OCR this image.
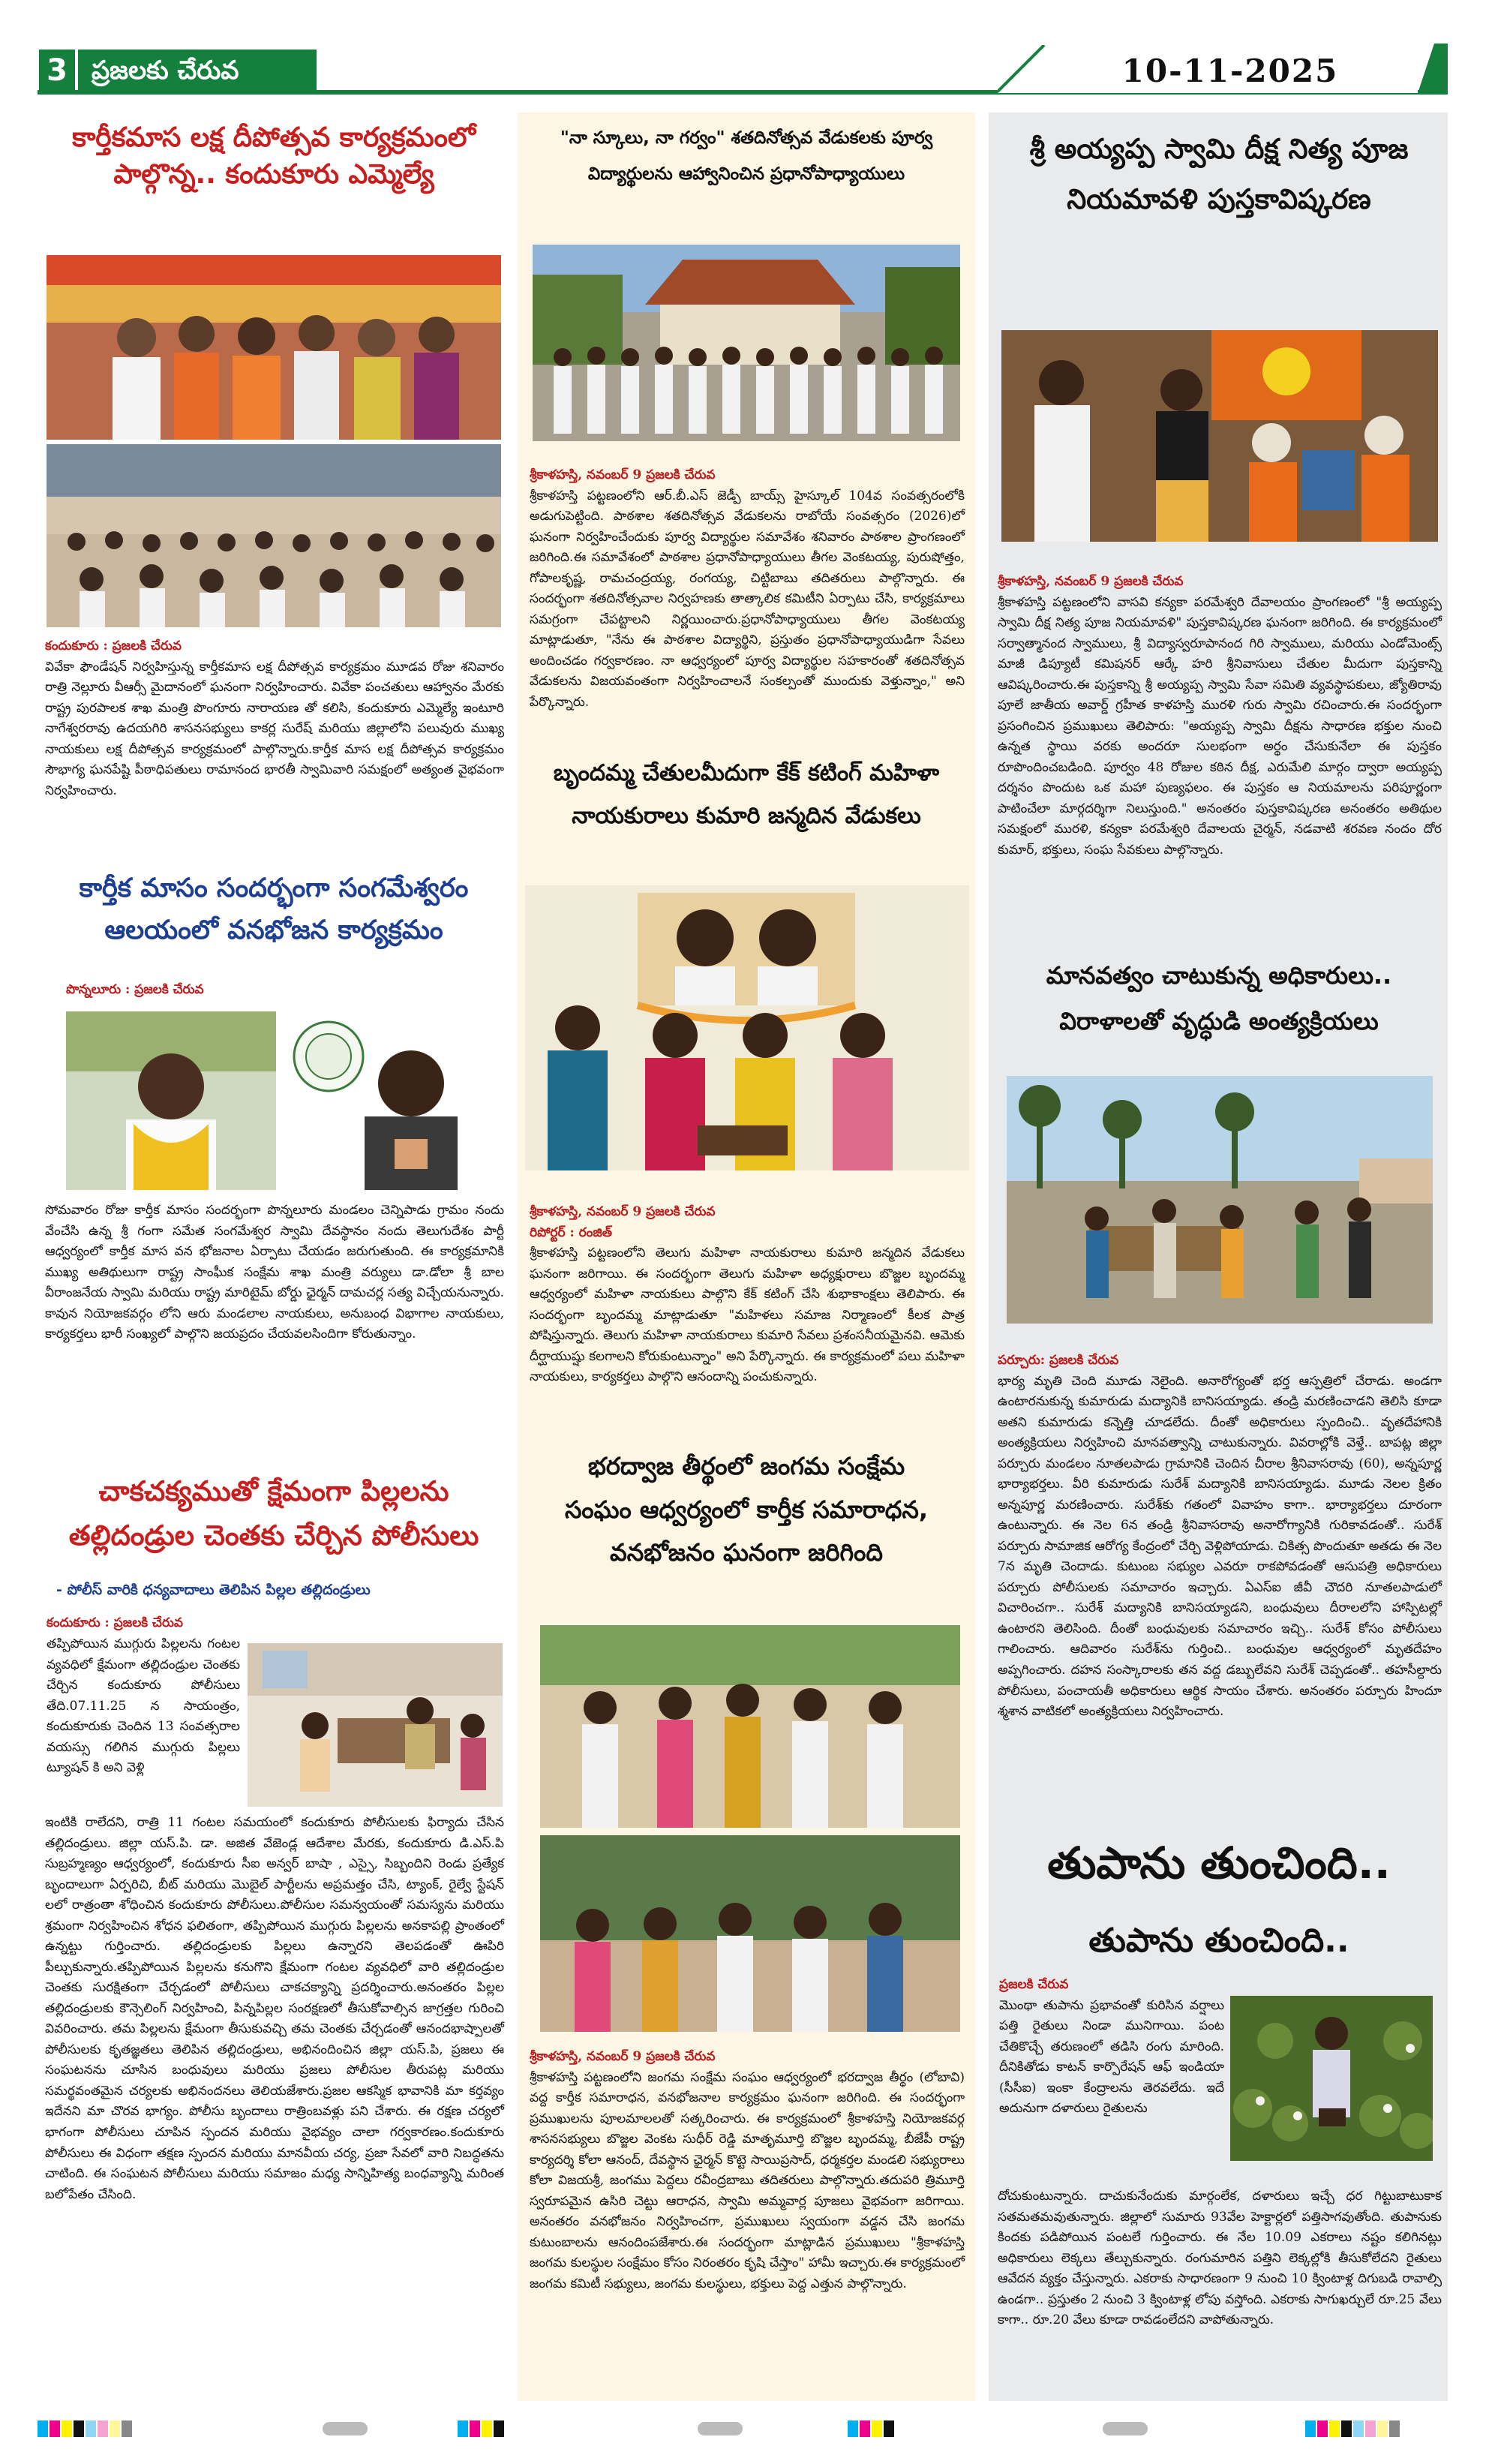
3 ప్రజలకు చేరువ	10-11-2025
కార్తీకమాస లక్ష దీపోత్సవ కార్యక్రమంలో
పాల్గొన్న.. కందుకూరు ఎమ్మెల్యే
కందుకూరు : ప్రజలకి చేరువ
వివేకా ఫౌండేషన్ నిర్వహిస్తున్న కార్తీకమాస లక్ష దీపోత్సవ కార్యక్రమం మూడవ రోజు శనివారం రాత్రి నెల్లూరు వీఆర్సీ మైదానంలో ఘనంగా నిర్వహించారు. వివేకా పంచతులు ఆహ్వానం మేరకు రాష్ట్ర పురపాలక శాఖ మంత్రి పొంగూరు నారాయణ తో కలిసి, కందుకూరు ఎమ్మెల్యే ఇంటూరి నాగేశ్వరరావు ఉదయగిరి శాసనసభ్యులు కాకర్ల సురేష్ మరియు జిల్లాలోని పలువురు ముఖ్య నాయకులు లక్ష దీపోత్సవ కార్యక్రమంలో పాల్గొన్నారు.కార్తీక మాస లక్ష దీపోత్సవ కార్యక్రమం సౌభాగ్య ఘనపేష్టి పీఠాధిపతులు రామానంద భారతీ స్వామివారి సమక్షంలో అత్యంత వైభవంగా నిర్వహించారు.
కార్తీక మాసం సందర్భంగా సంగమేశ్వరం
ఆలయంలో వనభోజన కార్యక్రమం
పొన్నలూరు : ప్రజలకి చేరువ
సోమవారం రోజు కార్తీక మాసం సందర్భంగా పొన్నలూరు మండలం చెన్నిపాడు గ్రామం నందు వేంచేసి ఉన్న శ్రీ గంగా సమేత సంగమేశ్వర స్వామి దేవస్థానం నందు తెలుగుదేశం పార్టీ ఆధ్వర్యంలో కార్తీక మాస వన భోజనాల ఏర్పాటు చేయడం జరుగుతుంది. ఈ కార్యక్రమానికి ముఖ్య అతిథులుగా రాష్ట్ర సాంఘీక సంక్షేమ శాఖ మంత్రి వర్యులు డా.డోలా శ్రీ బాల వీరాంజనేయ స్వామి మరియు రాష్ట్ర మారిటైమ్ బోర్డు ఛైర్మన్ దామచర్ల సత్య విచ్చేయనున్నారు. కావున నియోజకవర్గం లోని ఆరు మండలాల నాయకులు, అనుబంధ విభాగాల నాయకులు, కార్యకర్తలు భారీ సంఖ్యలో పాల్గొని జయప్రదం చేయవలసిందిగా కోరుతున్నాం.
చాకచక్యముతో క్షేమంగా పిల్లలను
తల్లిదండ్రుల చెంతకు చేర్చిన పోలీసులు
- పోలీస్ వారికి ధన్యవాదాలు తెలిపిన పిల్లల తల్లిదండ్రులు
కందుకూరు : ప్రజలకి చేరువ
తప్పిపోయిన ముగ్గురు పిల్లలను గంటల వ్యవధిలో క్షేమంగా తల్లిదండ్రుల చెంతకు చేర్చిన కందుకూరు పోలీసులు తేది.07.11.25 న సాయంత్రం, కందుకూరుకు చెందిన 13 సంవత్సరాల వయస్సు గలిగిన ముగ్గురు పిల్లలు ట్యూషన్ కి అని వెళ్లి
ఇంటికి రాలేదని, రాత్రి 11 గంటల సమయంలో కందుకూరు పోలీసులకు ఫిర్యాదు చేసిన తల్లిదండ్రులు. జిల్లా యస్.పి. డా. అజిత వేజెండ్ల ఆదేశాల మేరకు, కందుకూరు డి.ఎస్.పి సుబ్రహ్మణ్యం ఆధ్వర్యంలో, కందుకూరు సీఐ అన్వర్ బాషా , ఎస్సై, సిబ్బందిని రెండు ప్రత్యేక బృందాలుగా ఏర్పరిచి, బీట్ మరియు మొబైల్ పార్టీలను అప్రమత్తం చేసి, ట్యాంక్, రైల్వే స్టేషన్ లలో రాత్రంతా శోధించిన కందుకూరు పోలీసులు.పోలీసుల సమన్వయంతో సమస్యను మరియు శ్రమంగా నిర్వహించిన శోధన ఫలితంగా, తప్పిపోయిన ముగ్గురు పిల్లలను అనకాపల్లి ప్రాంతంలో ఉన్నట్టు గుర్తించారు. తల్లిదండ్రులకు పిల్లలు ఉన్నారని తెలపడంతో ఊపిరి పీల్చుకున్నారు.తప్పిపోయిన పిల్లలను కనుగొని క్షేమంగా గంటల వ్యవధిలో వారి తల్లిదండ్రుల చెంతకు సురక్షితంగా చేర్చడంలో పోలీసులు చాకచక్యాన్ని ప్రదర్శించారు.అనంతరం పిల్లల తల్లిదండ్రులకు కౌన్సెలింగ్ నిర్వహించి, పిన్నపిల్లల సంరక్షణలో తీసుకోవాల్సిన జాగ్రత్తల గురించి వివరించారు. తమ పిల్లలను క్షేమంగా తీసుకువచ్చి తమ చెంతకు చేర్చడంతో ఆనందభాష్పాలతో పోలీసులకు కృతజ్ఞతలు తెలిపిన తల్లిదండ్రులు, అభినందించిన జిల్లా యస్.పి, ప్రజలు ఈ సంఘటనను చూసిన బంధువులు మరియు ప్రజలు పోలీసుల తీరుపట్ల మరియు సమర్థవంతమైన చర్యలకు అభినందనలు తెలియజేశారు.ప్రజల ఆకస్మిక భావానికి మా కర్తవ్యం ఇదేనని మా చొరవ భాగ్యం. పోలీసు బృందాలు రాత్రింబవళ్లు పని చేశారు. ఈ రక్షణ చర్యలో భాగంగా పోలీసులు చూపిన స్పందన మరియు వైభవ్యం చాలా గర్వకారణం.కందుకూరు పోలీసులు ఈ విధంగా తక్షణ స్పందన మరియు మానవీయ చర్య, ప్రజా సేవలో వారి నిబద్ధతను చాటింది. ఈ సంఘటన పోలీసులు మరియు సమాజం మధ్య సాన్నిహిత్య బంధవ్యాన్ని మరింత బలోపేతం చేసింది.
"నా స్కూలు, నా గర్వం" శతదినోత్సవ వేడుకలకు పూర్వ
విద్యార్థులను ఆహ్వానించిన ప్రధానోపాధ్యాయులు
శ్రీకాళహస్తి, నవంబర్ 9 ప్రజలకి చేరువ
శ్రీకాళహస్తి పట్టణంలోని ఆర్.బీ.ఎస్ జెడ్పీ బాయ్స్ హైస్కూల్ 104వ సంవత్సరంలోకి అడుగుపెట్టింది. పాఠశాల శతదినోత్సవ వేడుకలను రాబోయే సంవత్సరం (2026)లో ఘనంగా నిర్వహించేందుకు పూర్వ విద్యార్థుల సమావేశం శనివారం పాఠశాల ప్రాంగణంలో జరిగింది.ఈ సమావేశంలో పాఠశాల ప్రధానోపాధ్యాయులు తీగల వెంకటయ్య, పురుషోత్తం, గోపాలకృష్ణ, రామచంద్రయ్య, రంగయ్య, చిట్టిబాబు తదితరులు పాల్గొన్నారు. ఈ సందర్భంగా శతదినోత్సవాల నిర్వహణకు తాత్కాలిక కమిటీని ఏర్పాటు చేసి, కార్యక్రమాలు సమగ్రంగా చేపట్టాలని నిర్ణయించారు.ప్రధానోపాధ్యాయులు తీగల వెంకటయ్య మాట్లాడుతూ, "నేను ఈ పాఠశాల విద్యార్థిని, ప్రస్తుతం ప్రధానోపాధ్యాయుడిగా సేవలు అందించడం గర్వకారణం. నా ఆధ్వర్యంలో పూర్వ విద్యార్థుల సహకారంతో శతదినోత్సవ వేడుకలను విజయవంతంగా నిర్వహించాలనే సంకల్పంతో ముందుకు వెళ్తున్నాం," అని పేర్కొన్నారు.
బృందమ్మ చేతులమీదుగా కేక్ కటింగ్ మహిళా
నాయకురాలు కుమారి జన్మదిన వేడుకలు
శ్రీకాళహస్తి, నవంబర్ 9 ప్రజలకి చేరువ
రిపోర్టర్ : రంజిత్
శ్రీకాళహస్తి పట్టణంలోని తెలుగు మహిళా నాయకురాలు కుమారి జన్మదిన వేడుకలు ఘనంగా జరిగాయి. ఈ సందర్భంగా తెలుగు మహిళా అధ్యక్షురాలు బొజ్జల బృందమ్మ ఆధ్వర్యంలో మహిళా నాయకులు పాల్గొని కేక్ కటింగ్ చేసి శుభాకాంక్షలు తెలిపారు. ఈ సందర్భంగా బృందమ్మ మాట్లాడుతూ "మహిళలు సమాజ నిర్మాణంలో కీలక పాత్ర పోషిస్తున్నారు. తెలుగు మహిళా నాయకురాలు కుమారి సేవలు ప్రశంసనీయమైనవి. ఆమెకు దీర్ఘాయుష్షు కలగాలని కోరుకుంటున్నాం" అని పేర్కొన్నారు. ఈ కార్యక్రమంలో పలు మహిళా నాయకులు, కార్యకర్తలు పాల్గొని ఆనందాన్ని పంచుకున్నారు.
భరద్వాజ తీర్థంలో జంగమ సంక్షేమ
సంఘం ఆధ్వర్యంలో కార్తీక సమారాధన,
వనభోజనం ఘనంగా జరిగింది
శ్రీకాళహస్తి, నవంబర్ 9 ప్రజలకి చేరువ
శ్రీకాళహస్తి పట్టణంలోని జంగమ సంక్షేమ సంఘం ఆధ్వర్యంలో భరద్వాజ తీర్థం (లోబావి) వద్ద కార్తీక సమారాధన, వనభోజనాల కార్యక్రమం ఘనంగా జరిగింది. ఈ సందర్భంగా ప్రముఖులను పూలమాలలతో సత్కరించారు. ఈ కార్యక్రమంలో శ్రీకాళహస్తి నియోజకవర్గ శాసనసభ్యులు బొజ్జల వెంకట సుధీర్ రెడ్డి మాతృమూర్తి బొజ్జల బృందమ్మ, బీజేపీ రాష్ట్ర కార్యదర్శి కోలా ఆనంద్, దేవస్థాన ఛైర్మన్ కొట్టె సాయిప్రసాద్, ధర్మకర్తల మండలి సభ్యురాలు కోలా విజయశ్రీ, జంగము పెద్దలు రవీంద్రబాబు తదితరులు పాల్గొన్నారు.తదుపరి త్రిమూర్తి స్వరూపమైన ఉసిరి చెట్టు ఆరాధన, స్వామి అమ్మవార్ల పూజలు వైభవంగా జరిగాయి. అనంతరం వనభోజనం నిర్వహించగా, ప్రముఖులు స్వయంగా వడ్డన చేసి జంగమ కుటుంబాలను ఆనందింపజేశారు.ఈ సందర్భంగా మాట్లాడిన ప్రముఖులు "శ్రీకాళహస్తి జంగమ కులస్థుల సంక్షేమం కోసం నిరంతరం కృషి చేస్తాం" హామీ ఇచ్చారు.ఈ కార్యక్రమంలో జంగమ కమిటీ సభ్యులు, జంగమ కులస్థులు, భక్తులు పెద్ద ఎత్తున పాల్గొన్నారు.
శ్రీ అయ్యప్ప స్వామి దీక్ష నిత్య పూజ
నియమావళి పుస్తకావిష్కరణ
శ్రీకాళహస్తి, నవంబర్ 9 ప్రజలకి చేరువ
శ్రీకాళహస్తి పట్టణంలోని వాసవి కన్యకా పరమేశ్వరి దేవాలయం ప్రాంగణంలో "శ్రీ అయ్యప్ప స్వామి దీక్ష నిత్య పూజ నియమావళి" పుస్తకావిష్కరణ ఘనంగా జరిగింది. ఈ కార్యక్రమంలో సర్వాత్మానంద స్వాములు, శ్రీ విద్యాస్వరూపానంద గిరి స్వాములు, మరియు ఎండోమెంట్స్ మాజీ డిప్యూటీ కమిషనర్ ఆర్కే హరి శ్రీనివాసులు చేతుల మీదుగా పుస్తకాన్ని ఆవిష్కరించారు.ఈ పుస్తకాన్ని శ్రీ అయ్యప్ప స్వామి సేవా సమితి వ్యవస్థాపకులు, జ్యోతిరావు పూలే జాతీయ అవార్డ్ గ్రహీత కాళహస్తి మురళి గురు స్వామి రచించారు.ఈ సందర్భంగా ప్రసంగించిన ప్రముఖులు తెలిపారు: "అయ్యప్ప స్వామి దీక్షను సాధారణ భక్తుల నుంచి ఉన్నత స్థాయి వరకు అందరూ సులభంగా అర్థం చేసుకునేలా ఈ పుస్తకం రూపొందించబడింది. పూర్వం 48 రోజుల కఠిన దీక్ష, ఎరుమేలి మార్గం ద్వారా అయ్యప్ప దర్శనం పొందుట ఒక మహా పుణ్యఫలం. ఈ పుస్తకం ఆ నియమాలను పరిపూర్ణంగా పాటించేలా మార్గదర్శిగా నిలుస్తుంది." అనంతరం పుస్తకావిష్కరణ అనంతరం అతిథుల సమక్షంలో మురళి, కన్యకా పరమేశ్వరి దేవాలయ చైర్మన్, నడవాటి శరవణ నందం దోర కుమార్, భక్తులు, సంఘ సేవకులు పాల్గొన్నారు.
మానవత్వం చాటుకున్న అధికారులు..
విరాళాలతో వృద్ధుడి అంత్యక్రియలు
పర్చూరు: ప్రజలకి చేరువ
భార్య మృతి చెంది మూడు నెలైంది. అనారోగ్యంతో భర్త ఆస్పత్రిలో చేరాడు. అండగా ఉంటారనుకున్న కుమారుడు మద్యానికి బానిసయ్యాడు. తండ్రి మరణించాడని తెలిసి కూడా అతని కుమారుడు కన్నెత్తి చూడలేదు. దీంతో అధికారులు స్పందించి.. వృతదేహానికి అంత్యక్రియలు నిర్వహించి మానవత్వాన్ని చాటుకున్నారు. వివరాల్లోకి వెళ్తే.. బాపట్ల జిల్లా పర్చూరు మండలం నూతలపాడు గ్రామానికి చెందిన చీరాల శ్రీనివాసరావు (60), అన్నపూర్ణ భార్యాభర్తలు. వీరి కుమారుడు సురేశ్ మద్యానికి బానిసయ్యాడు. మూడు నెలల క్రితం అన్నపూర్ణ మరణించారు. సురేశ్‌కు గతంలో వివాహం కాగా.. భార్యాభర్తలు దూరంగా ఉంటున్నారు. ఈ నెల 6న తండ్రి శ్రీనివాసరావు అనారోగ్యానికి గురికావడంతో.. సురేశ్ పర్చూరు సామాజిక ఆరోగ్య కేంద్రంలో చేర్చి వెళ్లిపోయాడు. చికిత్స పొందుతూ అతడు ఈ నెల 7న మృతి చెందాడు. కుటుంబ సభ్యుల ఎవరూ రాకపోవడంతో ఆసుపత్రి అధికారులు పర్చూరు పోలీసులకు సమాచారం ఇచ్చారు. ఏఎస్ఐ జీవీ చౌదరి నూతలపాడులో విచారించగా.. సురేశ్ మద్యానికి బానిసయ్యాడని, బంధువులు దీరాలలోని హాస్పిటల్లో ఉంటారని తెలిసింది. దీంతో బంధువులకు సమాచారం ఇచ్చి.. సురేశ్ కోసం పోలీసులు గాలించారు. ఆదివారం సురేశ్‌ను గుర్తించి.. బంధువుల ఆధ్వర్యంలో మృతదేహం అప్పగించారు. దహన సంస్కారాలకు తన వద్ద డబ్బులేవని సురేశ్ చెప్పడంతో.. తహసీల్దారు పోలీసులు, పంచాయతీ అధికారులు ఆర్థిక సాయం చేశారు. అనంతరం పర్చూరు హిందూ శ్మశాన వాటికలో అంత్యక్రియలు నిర్వహించారు.
తుపాను తుంచింది..
తుపాను తుంచింది..
ప్రజలకి చేరువ
మొంథా తుపాను ప్రభావంతో కురిసిన వర్షాలు పత్తి రైతులు నిండా మునిగాయి. పంట చేతికొచ్చే తరుణంలో తడిసి రంగు మారింది. దీనికితోడు కాటన్ కార్పొరేషన్ ఆఫ్ ఇండియా (సీసీఐ) ఇంకా కేంద్రాలను తెరవలేదు. ఇదే అదునుగా దళారులు రైతులను
దోచుకుంటున్నారు. దాచుకునేందుకు మార్గంలేక, దళారులు ఇచ్చే ధర గిట్టుబాటుకాక సతమతమవుతున్నారు. జిల్లాలో సుమారు 93వేల హెక్టార్లలో పత్తిసాగవుతోంది. తుపానుకు కిందకు పడిపోయిన పంటలే గుర్తించారు. ఈ నేల 10.09 ఎకరాలు నష్టం కలిగినట్లు అధికారులు లెక్కలు తేల్చుకున్నారు. రంగుమారిన పత్తిని లెక్కల్లోకి తీసుకోలేదని రైతులు ఆవేదన వ్యక్తం చేస్తున్నారు. ఎకరాకు సాధారణంగా 9 నుంచి 10 క్వింటాళ్ల దిగుబడి రావాల్సి ఉండగా.. ప్రస్తుతం 2 నుంచి 3 క్వింటాళ్ల లోపు వస్తోంది. ఎకరాకు సాగుఖర్చులే రూ.25 వేలు కాగా.. రూ.20 వేలు కూడా రావడంలేదని వాపోతున్నారు.
